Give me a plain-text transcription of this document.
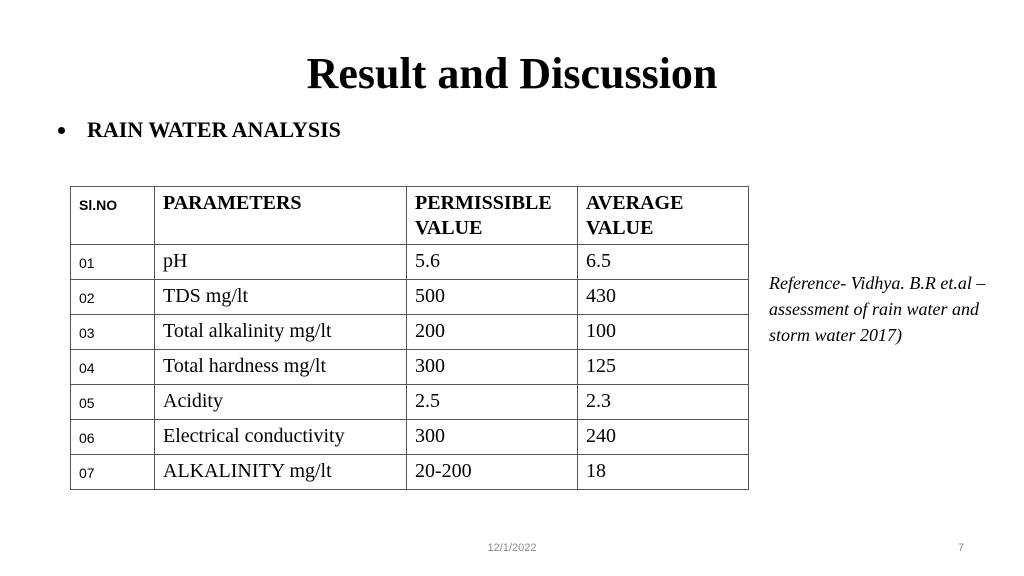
Result and Discussion
RAIN WATER ANALYSIS
Sl.NO	PARAMETERS	PERMISSIBLE VALUE	AVERAGE VALUE
01	pH	5.6	6.5
02	TDS mg/lt	500	430
03	Total alkalinity mg/lt	200	100
04	Total hardness mg/lt	300	125
05	Acidity	2.5	2.3
06	Electrical conductivity	300	240
07	ALKALINITY mg/lt	20-200	18
Reference- Vidhya. B.R et.al – assessment of rain water and storm water 2017)
12/1/2022	7
